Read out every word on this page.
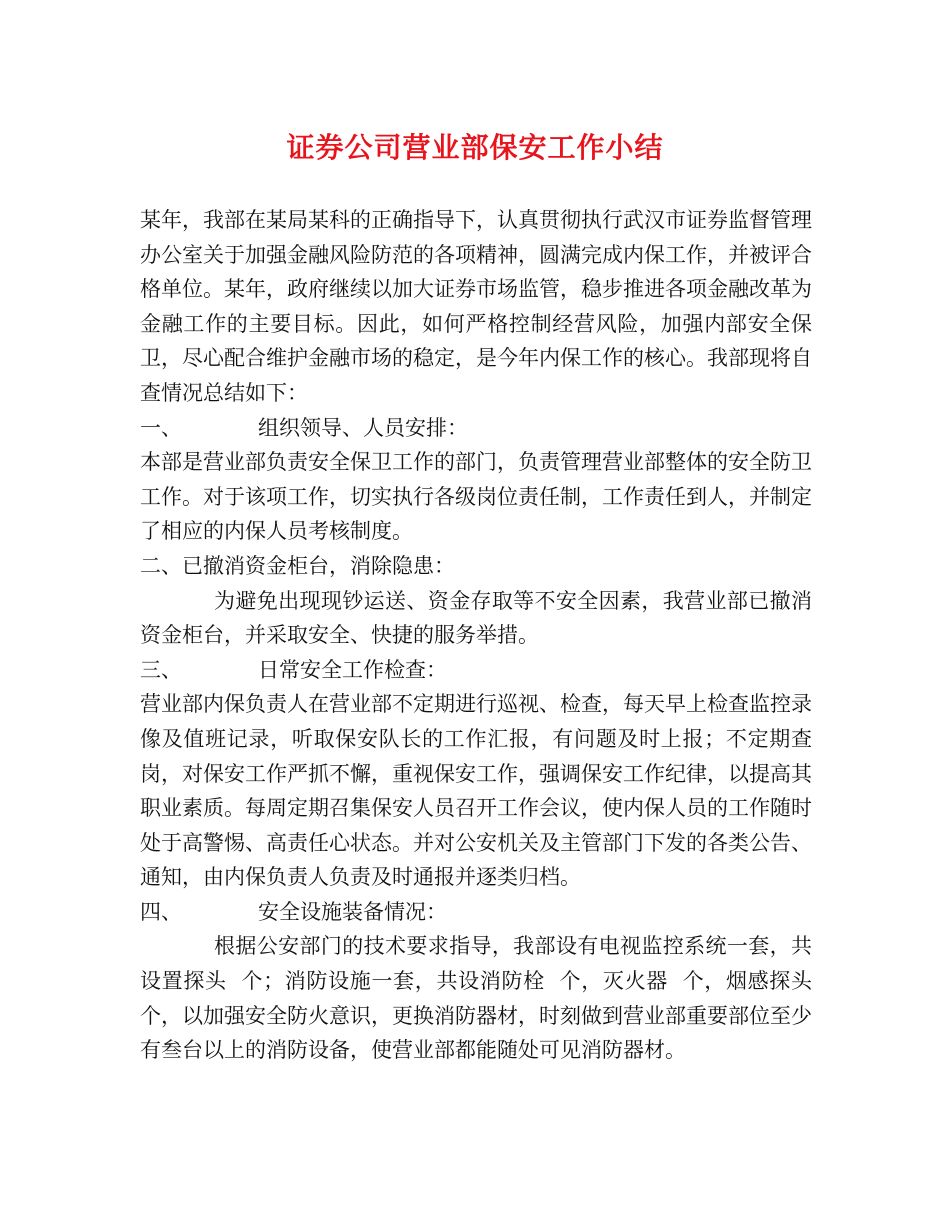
证券公司营业部保安工作小结

某年，我部在某局某科的正确指导下，认真贯彻执行武汉市证券监督管理办公室关于加强金融风险防范的各项精神，圆满完成内保工作，并被评合格单位。某年，政府继续以加大证券市场监管，稳步推进各项金融改革为金融工作的主要目标。因此，如何严格控制经营风险，加强内部安全保卫，尽心配合维护金融市场的稳定，是今年内保工作的核心。我部现将自查情况总结如下：

一、	组织领导、人员安排：

本部是营业部负责安全保卫工作的部门，负责管理营业部整体的安全防卫工作。对于该项工作，切实执行各级岗位责任制，工作责任到人，并制定了相应的内保人员考核制度。

二、已撤消资金柜台，消除隐患：

为避免出现现钞运送、资金存取等不安全因素，我营业部已撤消资金柜台，并采取安全、快捷的服务举措。

三、	日常安全工作检查：

营业部内保负责人在营业部不定期进行巡视、检查，每天早上检查监控录像及值班记录，听取保安队长的工作汇报，有问题及时上报；不定期查岗，对保安工作严抓不懈，重视保安工作，强调保安工作纪律，以提高其职业素质。每周定期召集保安人员召开工作会议，使内保人员的工作随时处于高警惕、高责任心状态。并对公安机关及主管部门下发的各类公告、通知，由内保负责人负责及时通报并逐类归档。

四、	安全设施装备情况：

根据公安部门的技术要求指导，我部设有电视监控系统一套，共设置探头  个；消防设施一套，共设消防栓  个，灭火器  个，烟感探头    个，以加强安全防火意识，更换消防器材，时刻做到营业部重要部位至少有叁台以上的消防设备，使营业部都能随处可见消防器材。
